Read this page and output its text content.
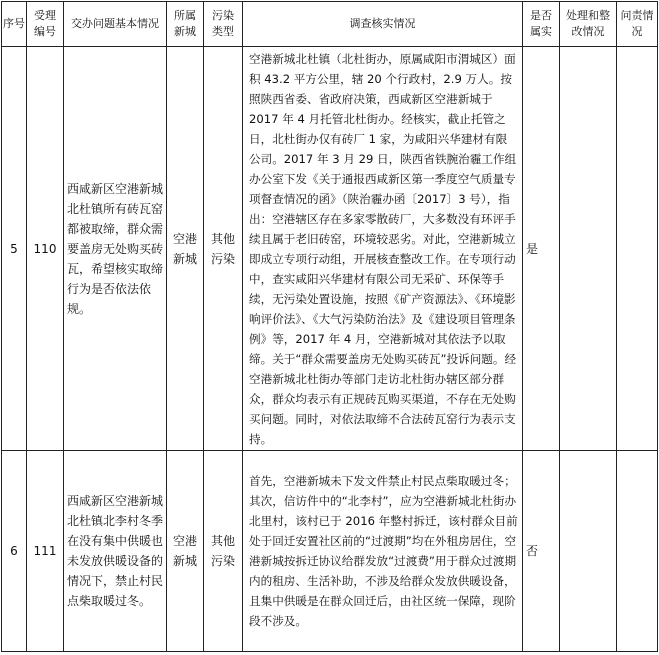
序号	受理编号	交办问题基本情况	所属新城	污染类型	调查核实情况	是否属实	处理和整改情况	问责情况
5	110	西咸新区空港新城北杜镇所有砖瓦窑都被取缔，群众需要盖房无处购买砖瓦，希望核实取缔行为是否依法依规。	空港新城	其他污染	空港新城北杜镇（北杜街办，原属咸阳市渭城区）面积 43.2 平方公里，辖 20 个行政村，2.9 万人。按照陕西省委、省政府决策，西咸新区空港新城于 2017 年 4 月托管北杜街办。经核实，截止托管之日，北杜街办仅有砖厂 1 家，为咸阳兴华建材有限公司。2017 年 3 月 29 日，陕西省铁腕治霾工作组办公室下发《关于通报西咸新区第一季度空气质量专项督查情况的函》（陕治霾办函〔2017〕3 号），指出：空港辖区存在多家零散砖厂，大多数没有环评手续且属于老旧砖窑，环境较恶劣。对此，空港新城立即成立专项行动组，开展核查整改工作。在专项行动中，查实咸阳兴华建材有限公司无采矿、环保等手续，无污染处置设施，按照《矿产资源法》、《环境影响评价法》、《大气污染防治法》及《建设项目管理条例》等，2017 年 4 月，空港新城对其依法予以取缔。关于“群众需要盖房无处购买砖瓦”投诉问题。经空港新城北杜街办等部门走访北杜街办辖区部分群众，群众均表示有正规砖瓦购买渠道，不存在无处购买问题。同时，对依法取缔不合法砖瓦窑行为表示支持。	是		
6	111	西咸新区空港新城北杜镇北李村冬季在没有集中供暖也未发放供暖设备的情况下，禁止村民点柴取暖过冬。	空港新城	其他污染	首先，空港新城未下发文件禁止村民点柴取暖过冬；其次，信访件中的“北李村”，应为空港新城北杜街办北里村，该村已于 2016 年整村拆迁，该村群众目前处于回迁安置社区前的“过渡期”均在外租房居住，空港新城按拆迁协议给群发放“过渡费”用于群众过渡期内的租房、生活补助，不涉及给群众发放供暖设备，且集中供暖是在群众回迁后，由社区统一保障，现阶段不涉及。	否		
